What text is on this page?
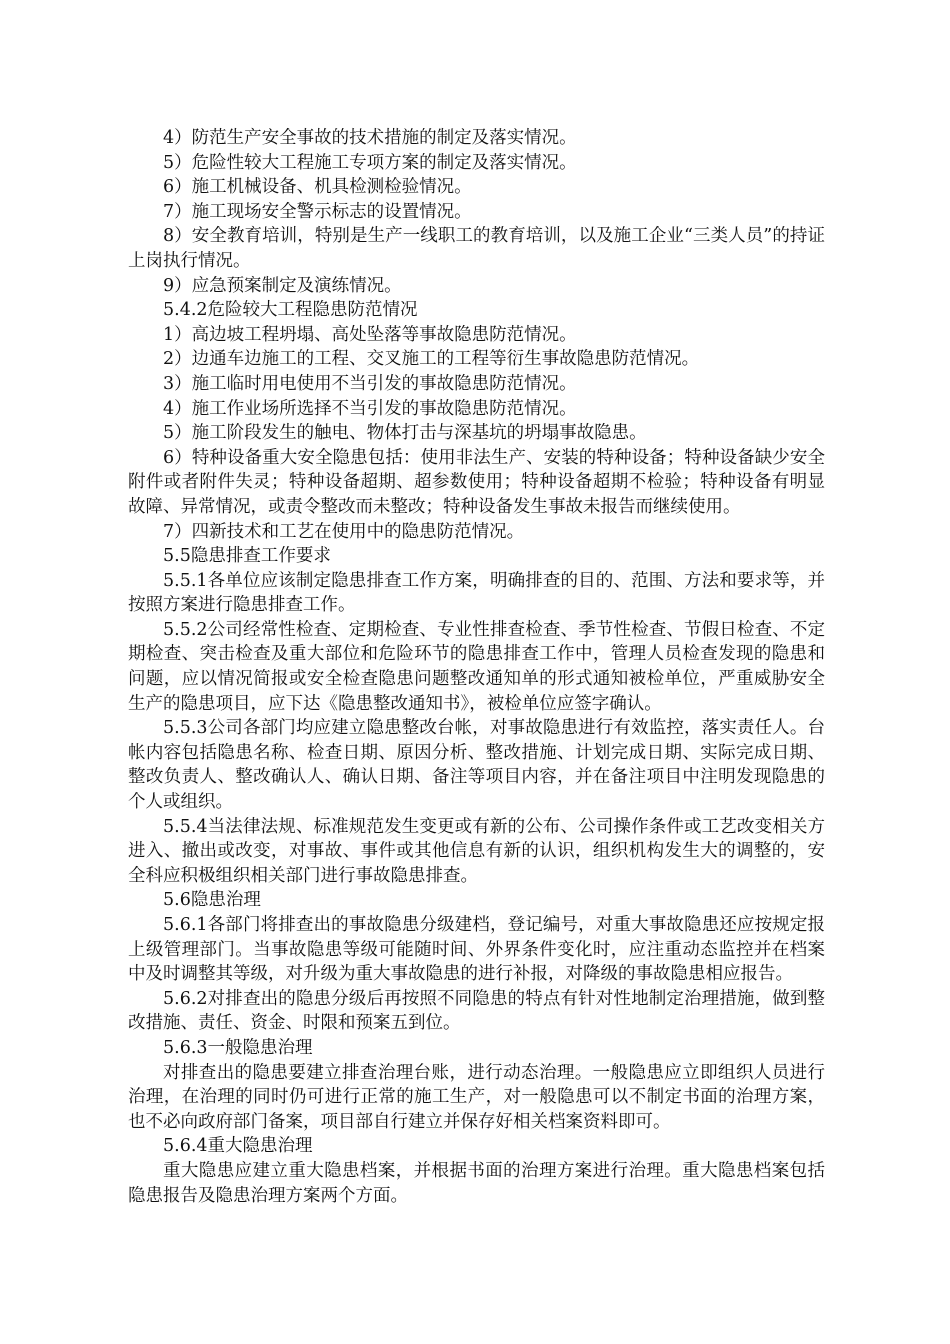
4）防范生产安全事故的技术措施的制定及落实情况。

5）危险性较大工程施工专项方案的制定及落实情况。

6）施工机械设备、机具检测检验情况。

7）施工现场安全警示标志的设置情况。

8）安全教育培训，特别是生产一线职工的教育培训，以及施工企业“三类人员”的持证上岗执行情况。

9）应急预案制定及演练情况。

5.4.2危险较大工程隐患防范情况

1）高边坡工程坍塌、高处坠落等事故隐患防范情况。

2）边通车边施工的工程、交叉施工的工程等衍生事故隐患防范情况。

3）施工临时用电使用不当引发的事故隐患防范情况。

4）施工作业场所选择不当引发的事故隐患防范情况。

5）施工阶段发生的触电、物体打击与深基坑的坍塌事故隐患。

6）特种设备重大安全隐患包括：使用非法生产、安装的特种设备；特种设备缺少安全附件或者附件失灵；特种设备超期、超参数使用；特种设备超期不检验；特种设备有明显故障、异常情况，或责令整改而未整改；特种设备发生事故未报告而继续使用。

7）四新技术和工艺在使用中的隐患防范情况。

5.5隐患排查工作要求

5.5.1各单位应该制定隐患排查工作方案，明确排查的目的、范围、方法和要求等，并按照方案进行隐患排查工作。

5.5.2公司经常性检查、定期检查、专业性排查检查、季节性检查、节假日检查、不定期检查、突击检查及重大部位和危险环节的隐患排查工作中，管理人员检查发现的隐患和问题，应以情况简报或安全检查隐患问题整改通知单的形式通知被检单位，严重威胁安全生产的隐患项目，应下达《隐患整改通知书》，被检单位应签字确认。

5.5.3公司各部门均应建立隐患整改台帐，对事故隐患进行有效监控，落实责任人。台帐内容包括隐患名称、检查日期、原因分析、整改措施、计划完成日期、实际完成日期、整改负责人、整改确认人、确认日期、备注等项目内容，并在备注项目中注明发现隐患的个人或组织。

5.5.4当法律法规、标准规范发生变更或有新的公布、公司操作条件或工艺改变相关方进入、撤出或改变，对事故、事件或其他信息有新的认识，组织机构发生大的调整的，安全科应积极组织相关部门进行事故隐患排查。

5.6隐患治理

5.6.1各部门将排查出的事故隐患分级建档，登记编号，对重大事故隐患还应按规定报上级管理部门。当事故隐患等级可能随时间、外界条件变化时，应注重动态监控并在档案中及时调整其等级，对升级为重大事故隐患的进行补报，对降级的事故隐患相应报告。

5.6.2对排查出的隐患分级后再按照不同隐患的特点有针对性地制定治理措施，做到整改措施、责任、资金、时限和预案五到位。

5.6.3一般隐患治理

对排查出的隐患要建立排查治理台账，进行动态治理。一般隐患应立即组织人员进行治理，在治理的同时仍可进行正常的施工生产，对一般隐患可以不制定书面的治理方案，也不必向政府部门备案，项目部自行建立并保存好相关档案资料即可。

5.6.4重大隐患治理

重大隐患应建立重大隐患档案，并根据书面的治理方案进行治理。重大隐患档案包括隐患报告及隐患治理方案两个方面。
